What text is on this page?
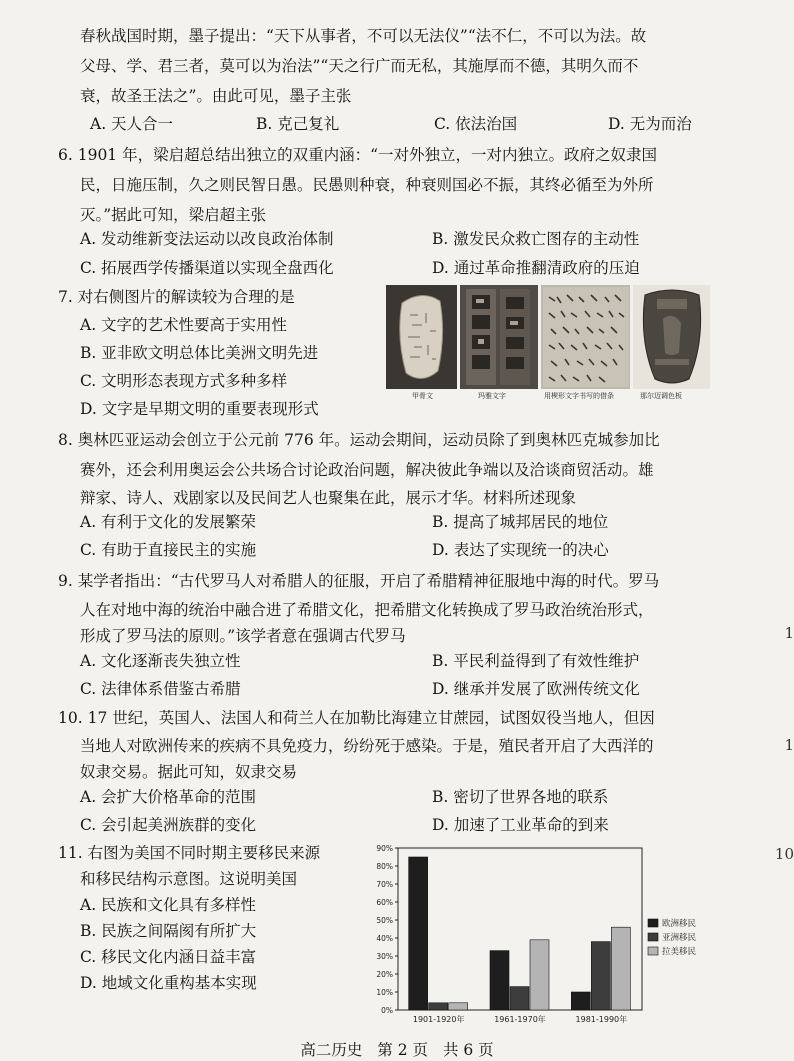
春秋战国时期，墨子提出：“天下从事者，不可以无法仪”“法不仁，不可以为法。故
父母、学、君三者，莫可以为治法”“天之行广而无私，其施厚而不德，其明久而不
衰，故圣王法之”。由此可见，墨子主张
A. 天人合一	B. 克己复礼	C. 依法治国	D. 无为而治
6. 1901 年，梁启超总结出独立的双重内涵：“一对外独立，一对内独立。政府之奴隶国
民，日施压制，久之则民智日愚。民愚则种衰，种衰则国必不振，其终必循至为外所
灭。”据此可知，梁启超主张
A. 发动维新变法运动以改良政治体制	B. 激发民众救亡图存的主动性
C. 拓展西学传播渠道以实现全盘西化	D. 通过革命推翻清政府的压迫
7. 对右侧图片的解读较为合理的是
A. 文字的艺术性要高于实用性
B. 亚非欧文明总体比美洲文明先进
C. 文明形态表现方式多种多样
D. 文字是早期文明的重要表现形式
甲骨文	玛雅文字	用楔形文字书写的借条	那尔迈调色板
8. 奥林匹亚运动会创立于公元前 776 年。运动会期间，运动员除了到奥林匹克城参加比
赛外，还会利用奥运会公共场合讨论政治问题，解决彼此争端以及洽谈商贸活动。雄
辩家、诗人、戏剧家以及民间艺人也聚集在此，展示才华。材料所述现象
A. 有利于文化的发展繁荣	B. 提高了城邦居民的地位
C. 有助于直接民主的实施	D. 表达了实现统一的决心
9. 某学者指出：“古代罗马人对希腊人的征服，开启了希腊精神征服地中海的时代。罗马
人在对地中海的统治中融合进了希腊文化，把希腊文化转换成了罗马政治统治形式，
形成了罗马法的原则。”该学者意在强调古代罗马
A. 文化逐渐丧失独立性	B. 平民利益得到了有效性维护
C. 法律体系借鉴古希腊	D. 继承并发展了欧洲传统文化
10. 17 世纪，英国人、法国人和荷兰人在加勒比海建立甘蔗园，试图奴役当地人，但因
当地人对欧洲传来的疾病不具免疫力，纷纷死于感染。于是，殖民者开启了大西洋的
奴隶交易。据此可知，奴隶交易
A. 会扩大价格革命的范围	B. 密切了世界各地的联系
C. 会引起美洲族群的变化	D. 加速了工业革命的到来
11. 右图为美国不同时期主要移民来源
和移民结构示意图。这说明美国
A. 民族和文化具有多样性
B. 民族之间隔阂有所扩大
C. 移民文化内涵日益丰富
D. 地域文化重构基本实现
0%
10%
20%
30%
40%
50%
60%
70%
80%
90%
1901-1920年	1961-1970年	1981-1990年
欧洲移民
亚洲移民
拉美移民
1
1
10
高二历史 第 2 页 共 6 页
